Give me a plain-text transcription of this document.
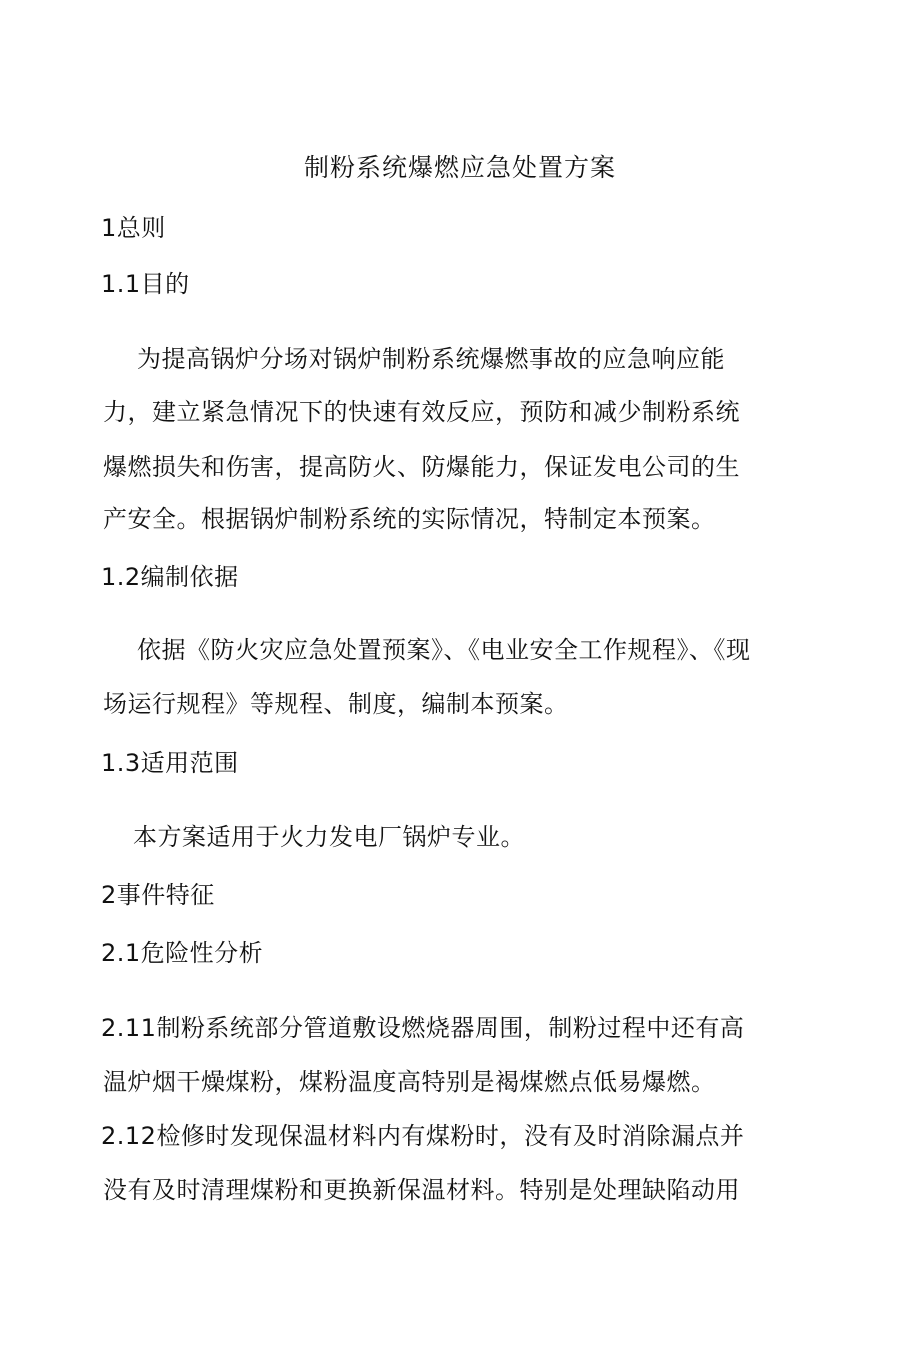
制粉系统爆燃应急处置方案
1总则
1.1目的
为提高锅炉分场对锅炉制粉系统爆燃事故的应急响应能
力，建立紧急情况下的快速有效反应，预防和减少制粉系统
爆燃损失和伤害，提高防火、防爆能力，保证发电公司的生
产安全。根据锅炉制粉系统的实际情况，特制定本预案。
1.2编制依据
依据《防火灾应急处置预案》、《电业安全工作规程》、《现
场运行规程》等规程、制度，编制本预案。
1.3适用范围
本方案适用于火力发电厂锅炉专业。
2事件特征
2.1危险性分析
2.11制粉系统部分管道敷设燃烧器周围，制粉过程中还有高
温炉烟干燥煤粉，煤粉温度高特别是褐煤燃点低易爆燃。
2.12检修时发现保温材料内有煤粉时，没有及时消除漏点并
没有及时清理煤粉和更换新保温材料。特别是处理缺陷动用
